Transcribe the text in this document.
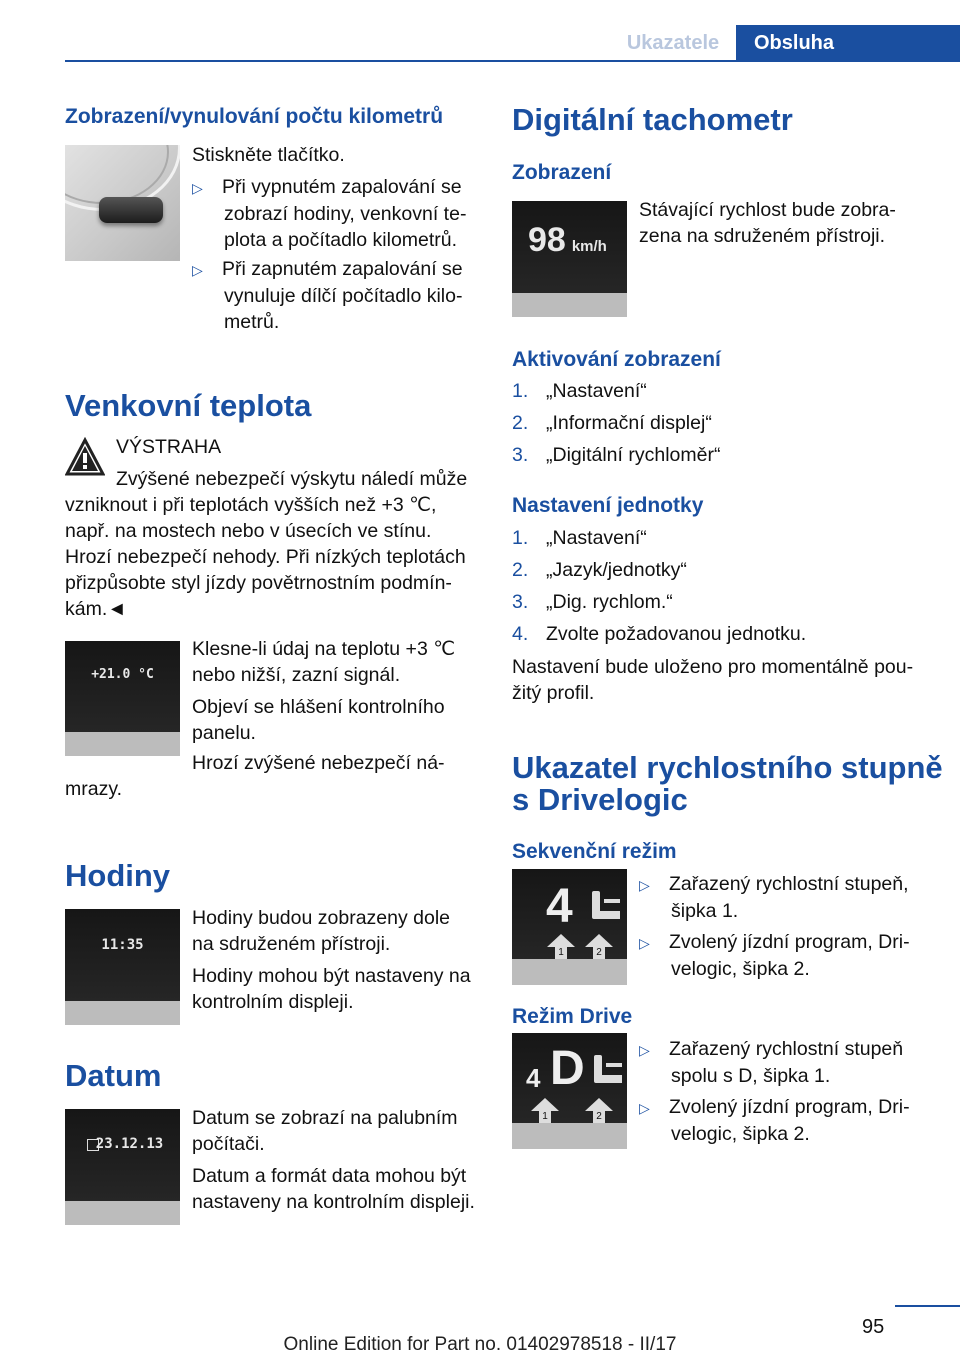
Ukazatele Obsluha
Zobrazení/vynulování počtu kilometrů
Stiskněte tlačítko.
▷ Při vypnutém zapalování se
zobrazí hodiny, venkovní te‐
plota a počítadlo kilometrů.
▷ Při zapnutém zapalování se
vynuluje dílčí počítadlo kilo‐
metrů.
Venkovní teplota
VÝSTRAHA
Zvýšené nebezpečí výskytu náledí může
vzniknout i při teplotách vyšších než +3 ℃,
např. na mostech nebo v úsecích ve stínu.
Hrozí nebezpečí nehody. Při nízkých teplotách
přizpůsobte styl jízdy povětrnostním podmín‐
kám.◄
+21.0 °C
Klesne-li údaj na teplotu +3 ℃
nebo nižší, zazní signál.
Objeví se hlášení kontrolního
panelu.
Hrozí zvýšené nebezpečí ná‐
mrazy.
Hodiny
11:35
Hodiny budou zobrazeny dole
na sdruženém přístroji.
Hodiny mohou být nastaveny na
kontrolním displeji.
Datum
23.12.13
Datum se zobrazí na palubním
počítači.
Datum a formát data mohou být
nastaveny na kontrolním displeji.
Digitální tachometr
Zobrazení
98 km/h
Stávající rychlost bude zobra‐
zena na sdruženém přístroji.
Aktivování zobrazení
1. „Nastavení“
2. „Informační displej“
3. „Digitální rychloměr“
Nastavení jednotky
1. „Nastavení“
2. „Jazyk/jednotky“
3. „Dig. rychlom.“
4. Zvolte požadovanou jednotku.
Nastavení bude uloženo pro momentálně pou‐
žitý profil.
Ukazatel rychlostního stupně
s Drivelogic
Sekvenční režim
4
1	2
▷ Zařazený rychlostní stupeň,
šipka 1.
▷ Zvolený jízdní program, Dri‐
velogic, šipka 2.
Režim Drive
4 D
1	2
▷ Zařazený rychlostní stupeň
spolu s D, šipka 1.
▷ Zvolený jízdní program, Dri‐
velogic, šipka 2.
95
Online Edition for Part no. 01402978518 - II/17
